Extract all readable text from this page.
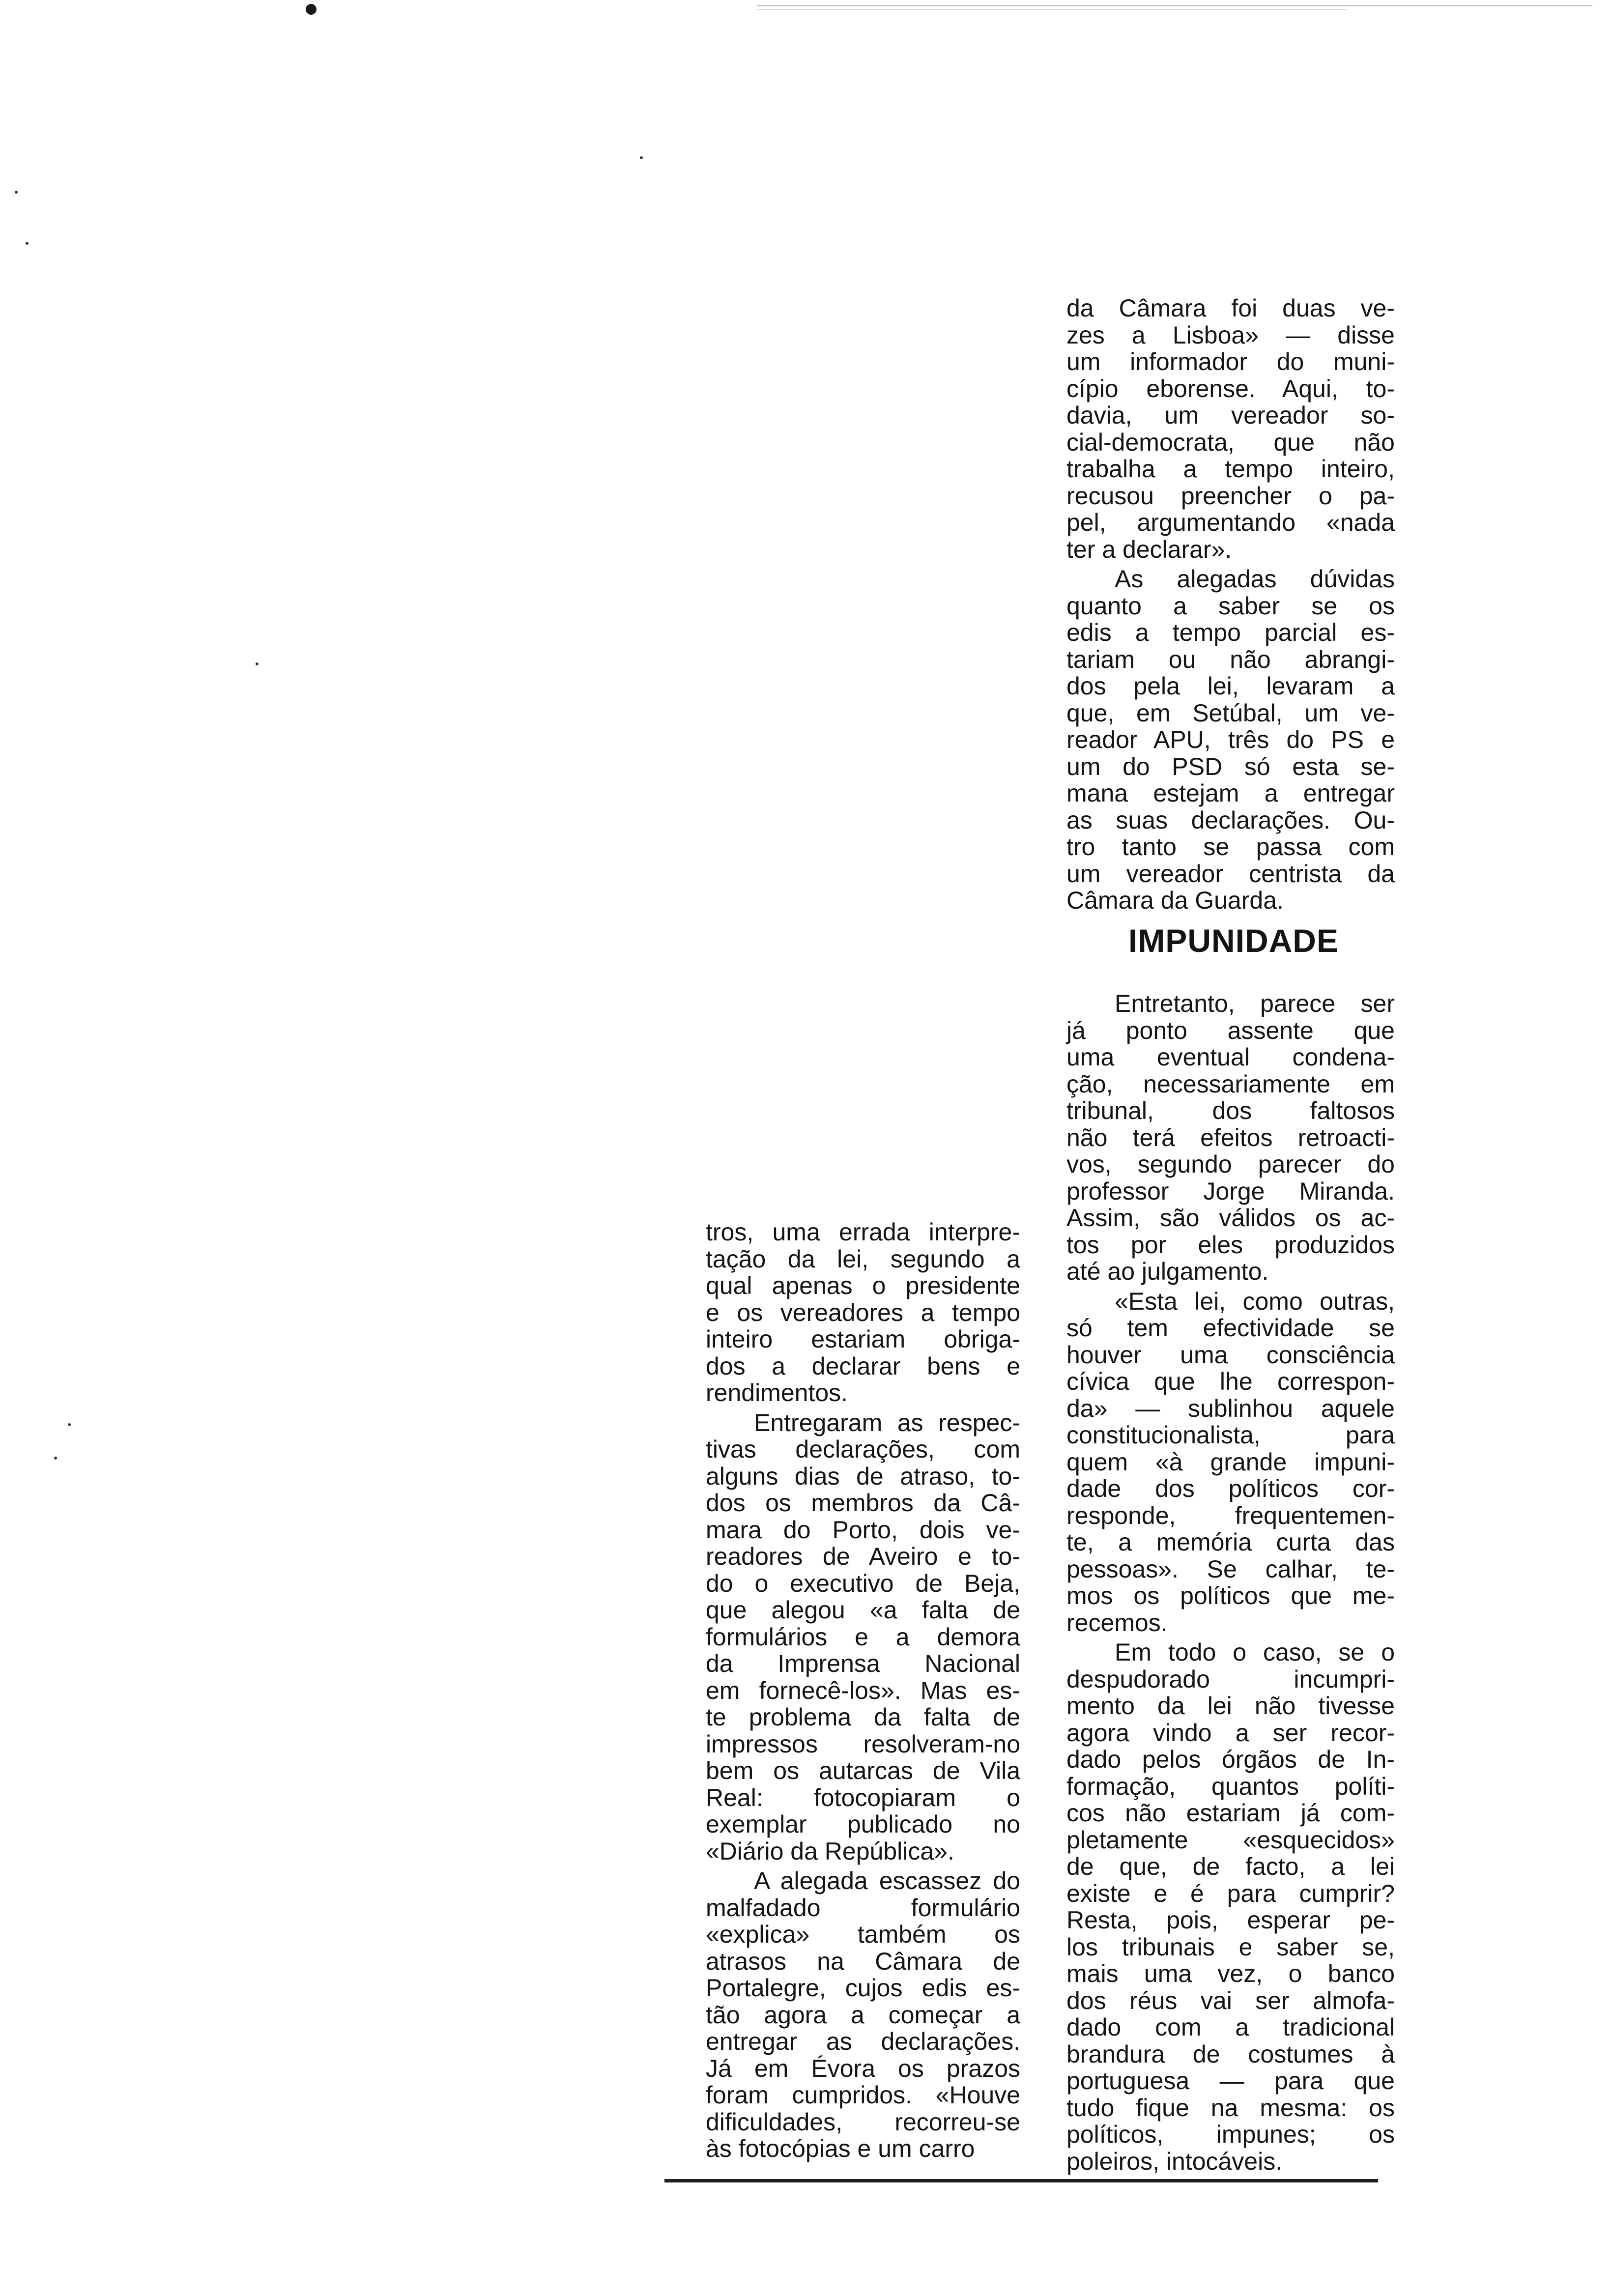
tros, uma errada interpre-
tação da lei, segundo a
qual apenas o presidente
e os vereadores a tempo
inteiro estariam obriga-
dos a declarar bens e
rendimentos.

Entregaram as respec-
tivas declarações, com
alguns dias de atraso, to-
dos os membros da Câ-
mara do Porto, dois ve-
readores de Aveiro e to-
do o executivo de Beja,
que alegou «a falta de
formulários e a demora
da Imprensa Nacional
em fornecê-los». Mas es-
te problema da falta de
impressos resolveram-no
bem os autarcas de Vila
Real: fotocopiaram o
exemplar publicado no
«Diário da República».

A alegada escassez do
malfadado formulário
«explica» também os
atrasos na Câmara de
Portalegre, cujos edis es-
tão agora a começar a
entregar as declarações.
Já em Évora os prazos
foram cumpridos. «Houve
dificuldades, recorreu-se
às fotocópias e um carro

da Câmara foi duas ve-
zes a Lisboa» — disse
um informador do muni-
cípio eborense. Aqui, to-
davia, um vereador so-
cial-democrata, que não
trabalha a tempo inteiro,
recusou preencher o pa-
pel, argumentando «nada
ter a declarar».

As alegadas dúvidas
quanto a saber se os
edis a tempo parcial es-
tariam ou não abrangi-
dos pela lei, levaram a
que, em Setúbal, um ve-
reador APU, três do PS e
um do PSD só esta se-
mana estejam a entregar
as suas declarações. Ou-
tro tanto se passa com
um vereador centrista da
Câmara da Guarda.

IMPUNIDADE

Entretanto, parece ser
já ponto assente que
uma eventual condena-
ção, necessariamente em
tribunal, dos faltosos
não terá efeitos retroacti-
vos, segundo parecer do
professor Jorge Miranda.
Assim, são válidos os ac-
tos por eles produzidos
até ao julgamento.

«Esta lei, como outras,
só tem efectividade se
houver uma consciência
cívica que lhe correspon-
da» — sublinhou aquele
constitucionalista, para
quem «à grande impuni-
dade dos políticos cor-
responde, frequentemen-
te, a memória curta das
pessoas». Se calhar, te-
mos os políticos que me-
recemos.

Em todo o caso, se o
despudorado incumpri-
mento da lei não tivesse
agora vindo a ser recor-
dado pelos órgãos de In-
formação, quantos políti-
cos não estariam já com-
pletamente «esquecidos»
de que, de facto, a lei
existe e é para cumprir?
Resta, pois, esperar pe-
los tribunais e saber se,
mais uma vez, o banco
dos réus vai ser almofa-
dado com a tradicional
brandura de costumes à
portuguesa — para que
tudo fique na mesma: os
políticos, impunes; os
poleiros, intocáveis.
